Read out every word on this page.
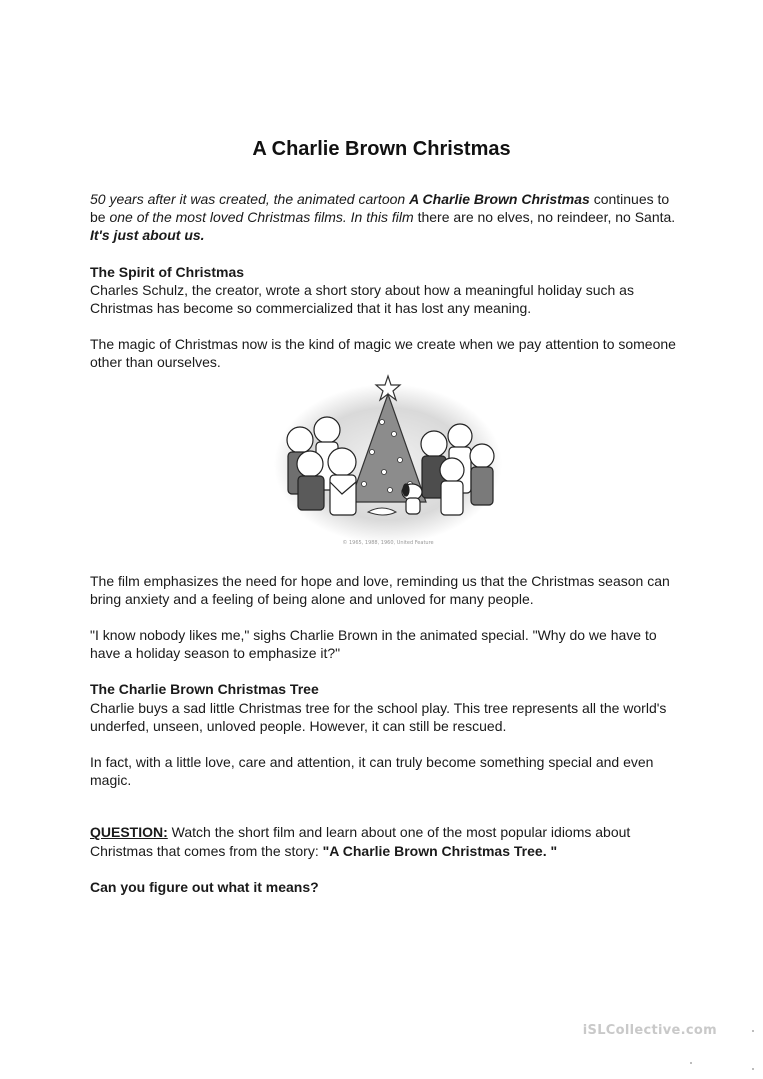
A Charlie Brown Christmas

50 years after it was created, the animated cartoon A Charlie Brown Christmas continues to be one of the most loved Christmas films. In this film there are no elves, no reindeer, no Santa. It's just about us.

The Spirit of Christmas

Charles Schulz, the creator, wrote a short story about how a meaningful holiday such as Christmas has become so commercialized that it has lost any meaning.

The magic of Christmas now is the kind of magic we create when we pay attention to someone other than ourselves.

© 1965, 1988, 1960, United Feature

The film emphasizes the need for hope and love, reminding us that the Christmas season can bring anxiety and a feeling of being alone and unloved for many people.

"I know nobody likes me," sighs Charlie Brown in the animated special. "Why do we have to have a holiday season to emphasize it?"

The Charlie Brown Christmas Tree

Charlie buys a sad little Christmas tree for the school play. This tree represents all the world's underfed, unseen, unloved people. However, it can still be rescued.

In fact, with a little love, care and attention, it can truly become something special and even magic.

QUESTION: Watch the short film and learn about one of the most popular idioms about Christmas that comes from the story: "A Charlie Brown Christmas Tree. "

Can you figure out what it means?

iSLCollective.com
